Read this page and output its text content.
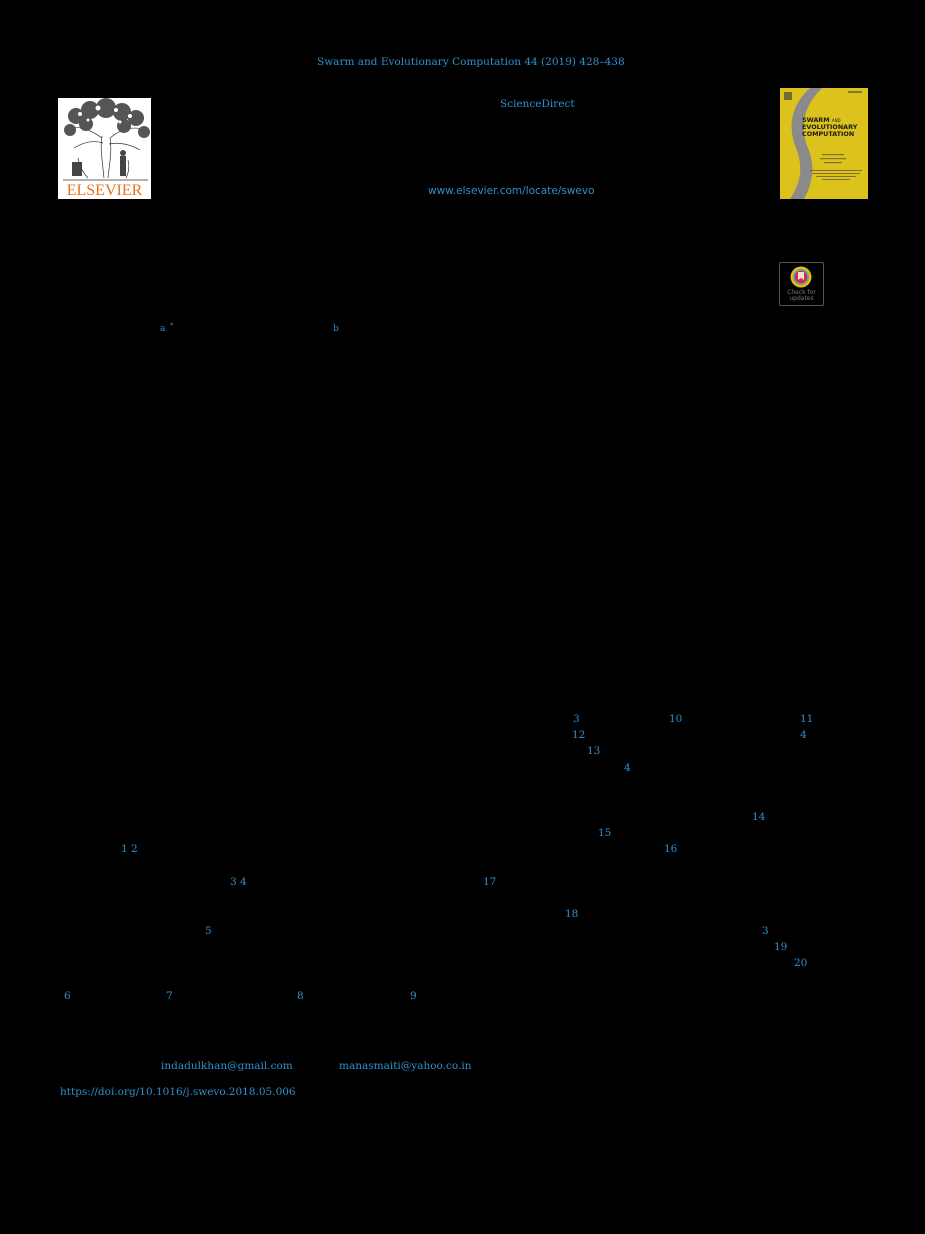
Swarm and Evolutionary Computation 44 (2019) 428–438
ScienceDirect
www.elsevier.com/locate/swevo
ELSEVIER
SWARM AND
EVOLUTIONARY
COMPUTATION
Check for
updates
a *	b
3	10	11
12	4
13
4
14
15
1 2	16
3 4	17
18
5	3
19
20
6	7	8	9
indadulkhan@gmail.com	manasmaiti@yahoo.co.in
https://doi.org/10.1016/j.swevo.2018.05.006
